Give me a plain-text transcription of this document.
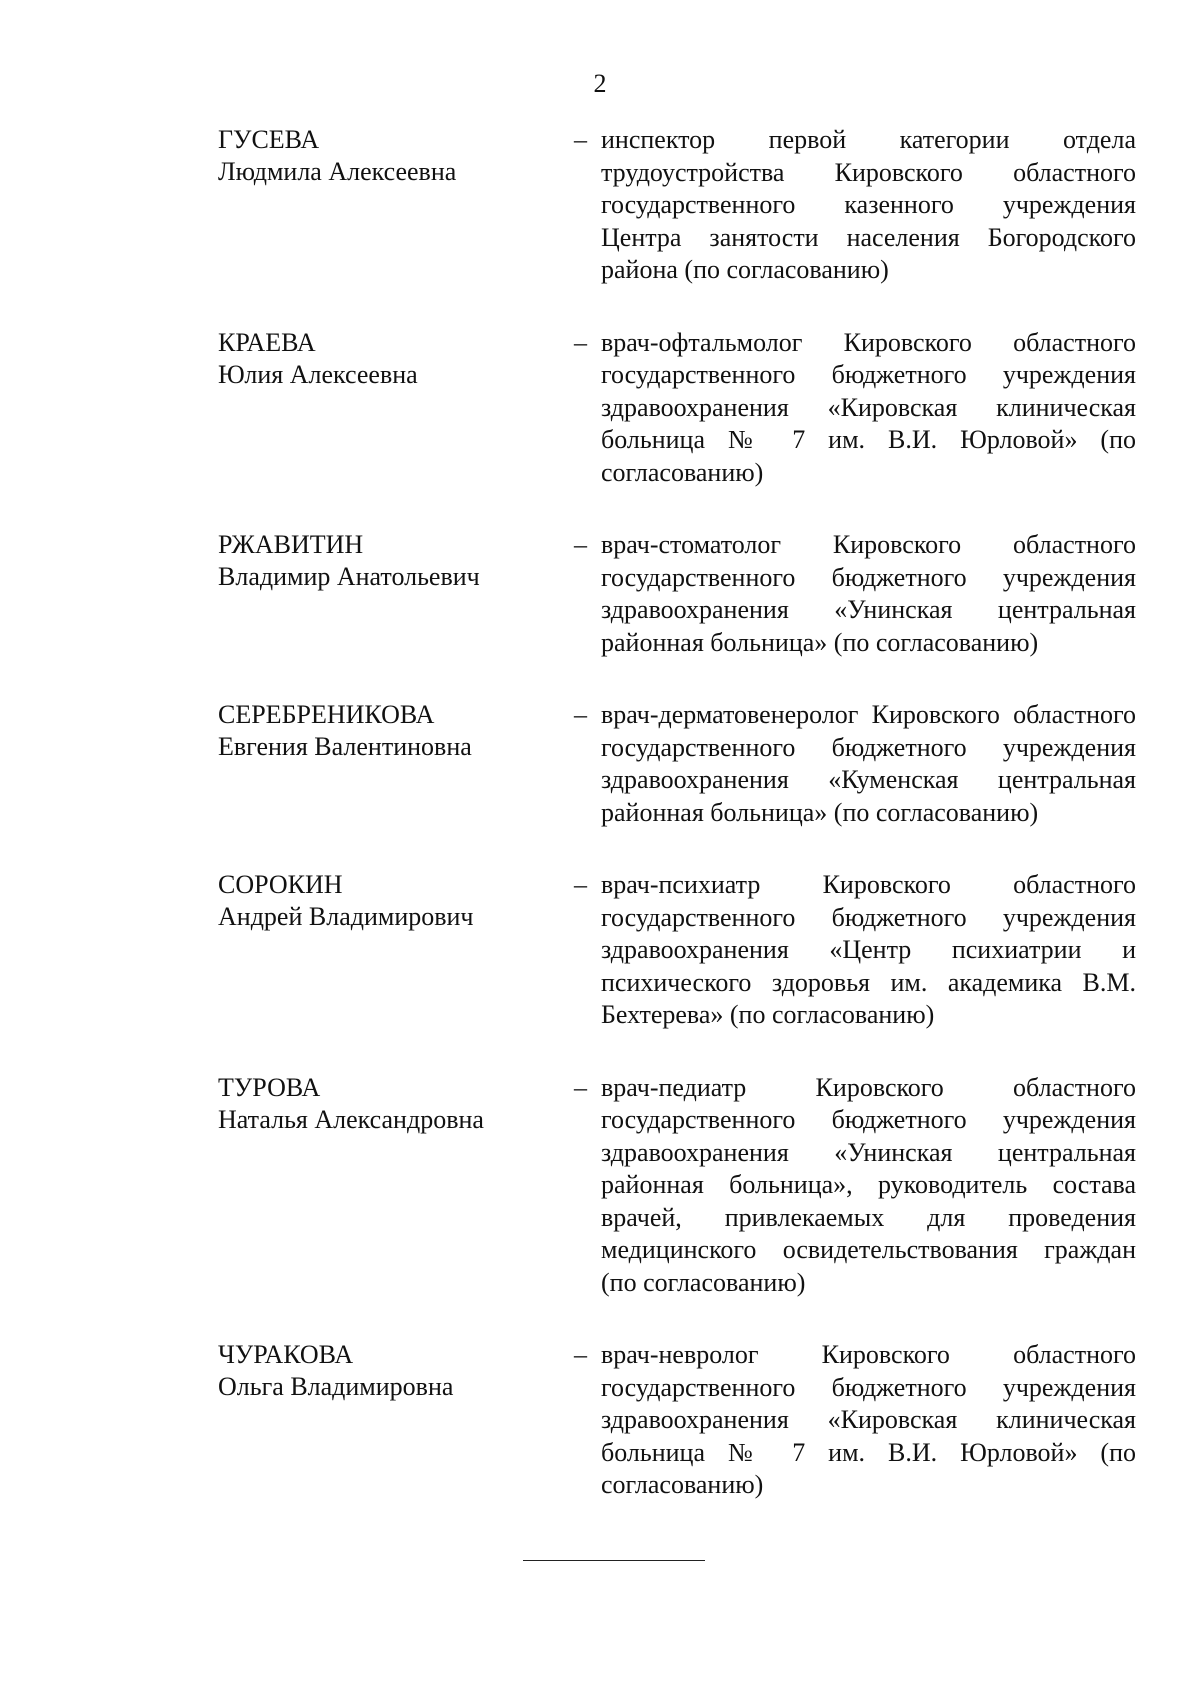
2
ГУСЕВА
Людмила Алексеевна
– инспектор первой категории отдела трудоустройства Кировского областного государственного казенного учреждения Центра занятости населения Богородского района (по согласованию)
КРАЕВА
Юлия Алексеевна
– врач-офтальмолог Кировского областного государственного бюджетного учреждения здравоохранения «Кировская клиническая больница № 7 им. В.И. Юрловой» (по согласованию)
РЖАВИТИН
Владимир Анатольевич
– врач-стоматолог Кировского областного государственного бюджетного учреждения здравоохранения «Унинская центральная районная больница» (по согласованию)
СЕРЕБРЕНИКОВА
Евгения Валентиновна
– врач-дерматовенеролог Кировского областного государственного бюджетного учреждения здравоохранения «Куменская центральная районная больница» (по согласованию)
СОРОКИН
Андрей Владимирович
– врач-психиатр Кировского областного государственного бюджетного учреждения здравоохранения «Центр психиатрии и психического здоровья им. академика В.М. Бехтерева» (по согласованию)
ТУРОВА
Наталья Александровна
– врач-педиатр Кировского областного государственного бюджетного учреждения здравоохранения «Унинская центральная районная больница», руководитель состава врачей, привлекаемых для проведения медицинского освидетельствования граждан (по согласованию)
ЧУРАКОВА
Ольга Владимировна
– врач-невролог Кировского областного государственного бюджетного учреждения здравоохранения «Кировская клиническая больница № 7 им. В.И. Юрловой» (по согласованию)
